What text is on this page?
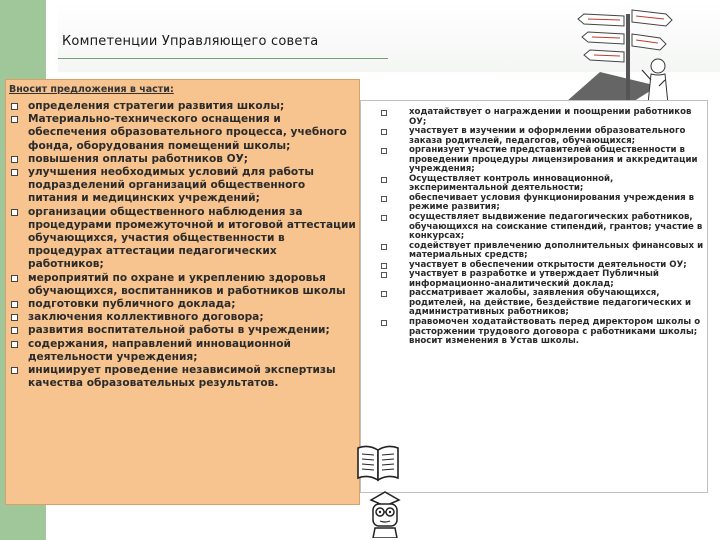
Компетенции Управляющего совета
Вносит предложения в части:
определения стратегии развития школы;
Материально-технического оснащения и обеспечения образовательного процесса, учебного фонда, оборудования помещений школы;
повышения оплаты работников ОУ;
улучшения необходимых условий для работы подразделений организаций общественного питания и медицинских учреждений;
организации общественного наблюдения за процедурами промежуточной и итоговой аттестации обучающихся, участия общественности в процедурах аттестации педагогических работников;
мероприятий по охране и укреплению здоровья обучающихся, воспитанников и работников школы
подготовки публичного доклада;
заключения коллективного договора;
развития воспитательной работы в учреждении;
содержания, направлений инновационной деятельности учреждения;
инициирует проведение независимой экспертизы качества образовательных результатов.
ходатайствует о награждении и поощрении работников ОУ;
участвует в изучении и оформлении образовательного заказа родителей, педагогов, обучающихся;
организует участие представителей общественности в проведении процедуры лицензирования и аккредитации учреждения;
Осуществляет контроль инновационной, экспериментальной деятельности;
обеспечивает условия функционирования учреждения в режиме развития;
осуществляет выдвижение педагогических работников, обучающихся на соискание стипендий, грантов; участие в конкурсах;
содействует привлечению дополнительных финансовых и материальных средств;
участвует в обеспечении открытости деятельности ОУ;
участвует в разработке и утверждает Публичный информационно-аналитический доклад;
рассматривает жалобы, заявления обучающихся, родителей, на действие, бездействие педагогических и административных работников;
правомочен ходатайствовать перед директором школы о расторжении трудового договора с работниками школы;
вносит изменения в Устав школы.
